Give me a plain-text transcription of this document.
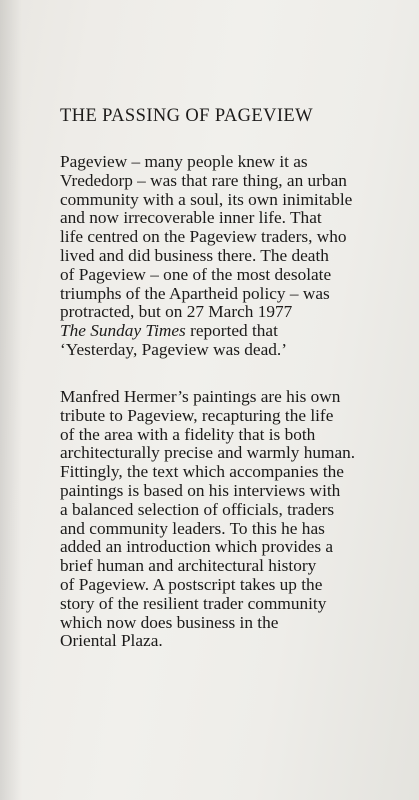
THE PASSING OF PAGEVIEW
Pageview – many people knew it as
Vrededorp – was that rare thing, an urban
community with a soul, its own inimitable
and now irrecoverable inner life. That
life centred on the Pageview traders, who
lived and did business there. The death
of Pageview – one of the most desolate
triumphs of the Apartheid policy – was
protracted, but on 27 March 1977
The Sunday Times reported that
‘Yesterday, Pageview was dead.’
Manfred Hermer’s paintings are his own
tribute to Pageview, recapturing the life
of the area with a fidelity that is both
architecturally precise and warmly human.
Fittingly, the text which accompanies the
paintings is based on his interviews with
a balanced selection of officials, traders
and community leaders. To this he has
added an introduction which provides a
brief human and architectural history
of Pageview. A postscript takes up the
story of the resilient trader community
which now does business in the
Oriental Plaza.
